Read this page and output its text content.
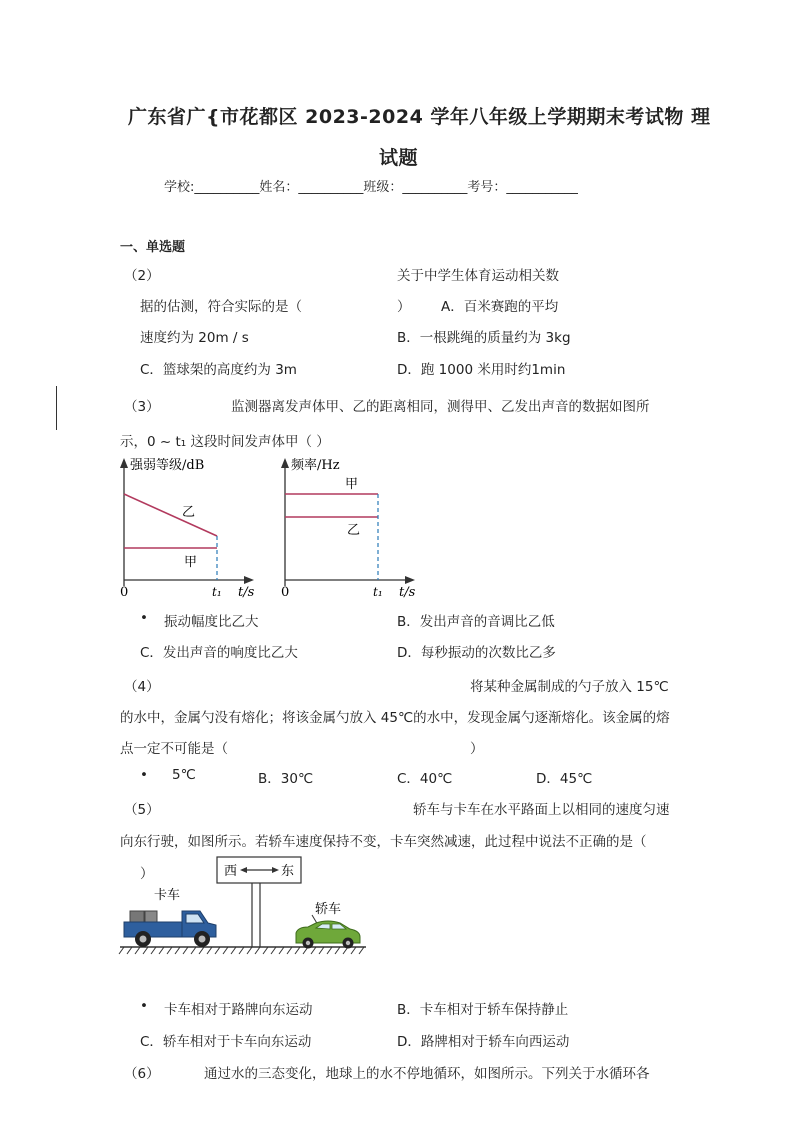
广东省广{市花都区 2023-2024 学年八年级上学期期末考试物 理
试题
学校:__________姓名：__________班级：__________考号：___________
一、单选题
（2）	关于中学生体育运动相关数
据的估测，符合实际的是（	） A．百米赛跑的平均
速度约为 20m / s	B．一根跳绳的质量约为 3kg
C．篮球架的高度约为 3m	D．跑 1000 米用时约1min
（3）	监测器离发声体甲、乙的距离相同，测得甲、乙发出声音的数据如图所
示，0 ~ t₁ 这段时间发声体甲（ ）
强弱等级/dB
乙
甲
0	t₁ t/s
频率/Hz
甲
乙
0	t₁ t/s
• 振动幅度比乙大	B．发出声音的音调比乙低
C．发出声音的响度比乙大	D．每秒振动的次数比乙多
（4）	将某种金属制成的勺子放入 15℃
的水中，金属勺没有熔化；将该金属勺放入 45℃的水中，发现金属勺逐渐熔化。该金属的熔
点一定不可能是（	）
• 5℃	B．30℃	C．40℃	D．45℃
（5）	轿车与卡车在水平路面上以相同的速度匀速
向东行驶，如图所示。若轿车速度保持不变，卡车突然减速，此过程中说法不正确的是（
）	西	东
卡车
轿车
• 卡车相对于路牌向东运动	B．卡车相对于轿车保持静止
C．轿车相对于卡车向东运动	D．路牌相对于轿车向西运动
（6）	通过水的三态变化，地球上的水不停地循环，如图所示。下列关于水循环各
